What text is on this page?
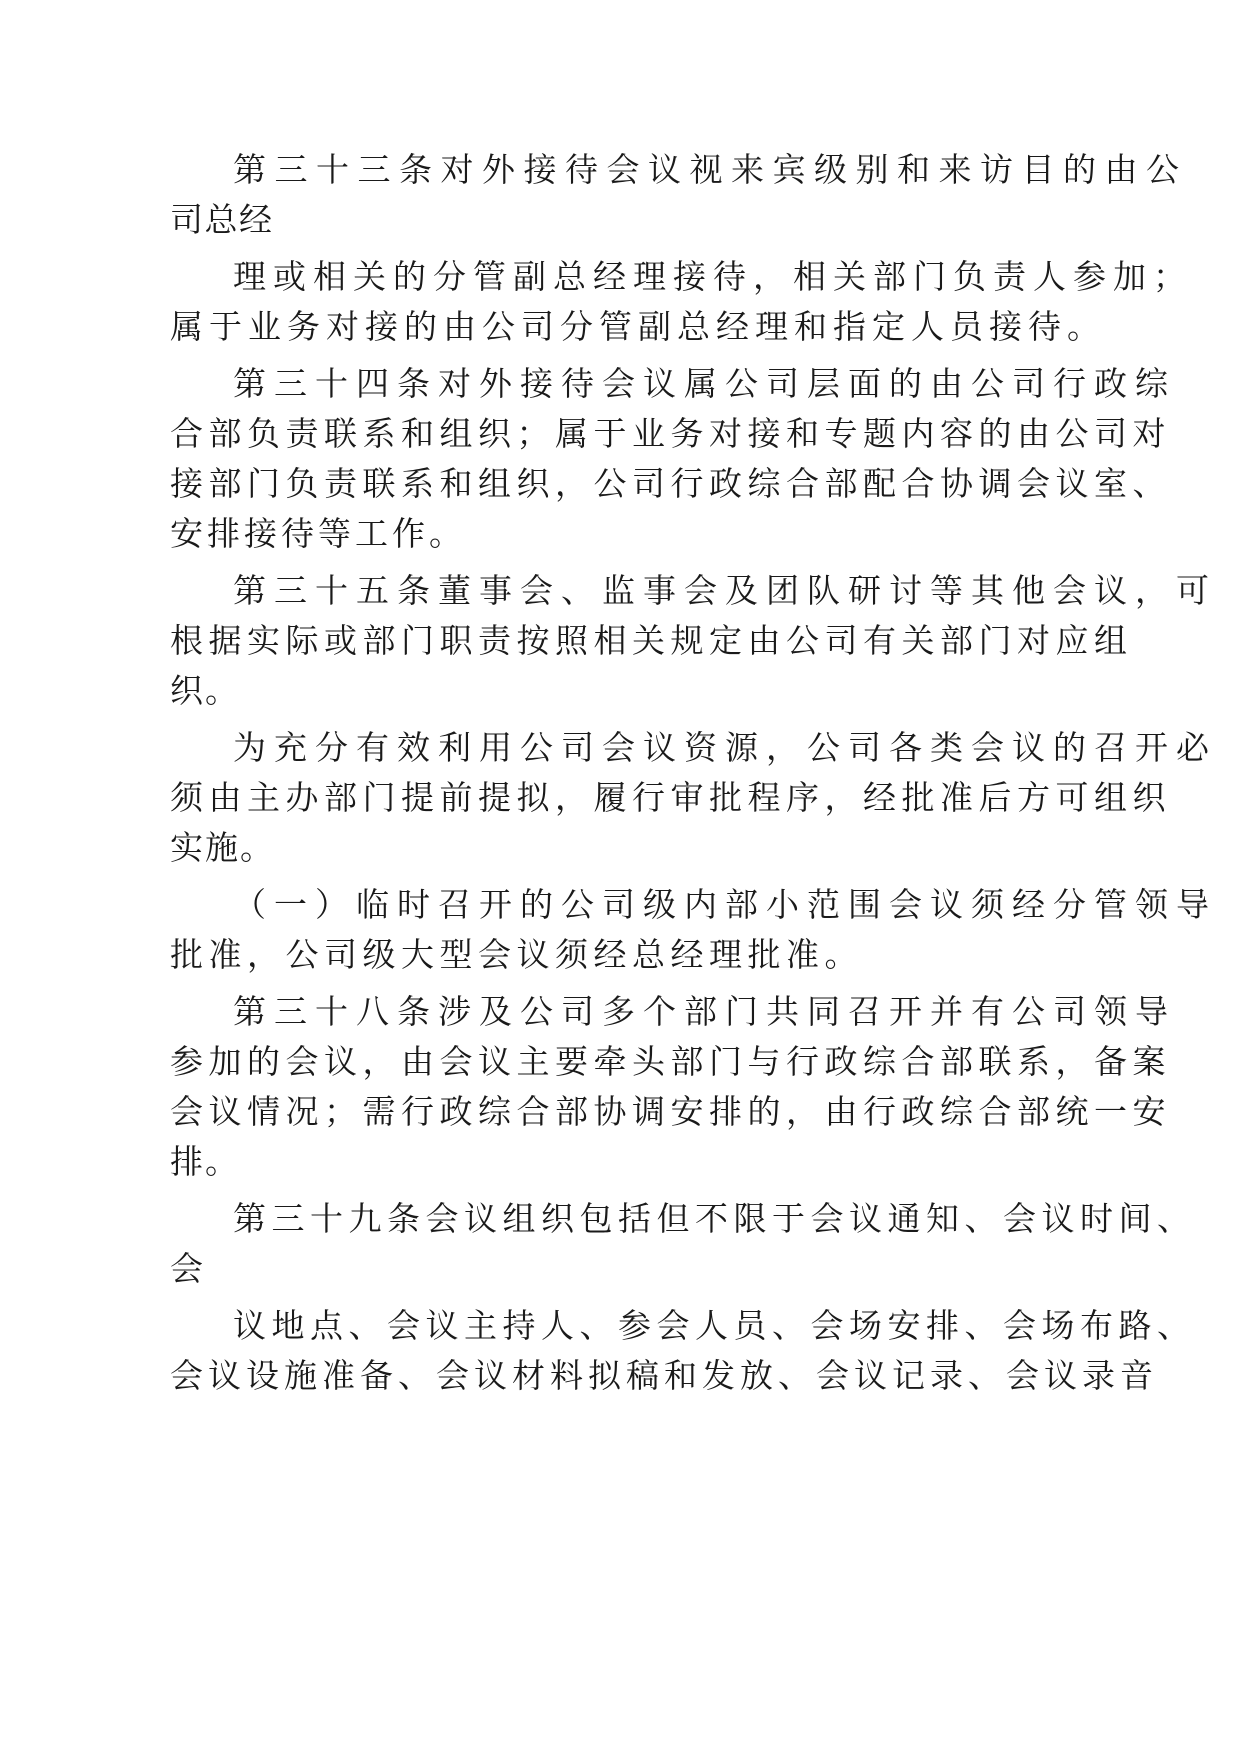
第三十三条对外接待会议视来宾级别和来访目的由公

司总经

理或相关的分管副总经理接待，相关部门负责人参加；

属于业务对接的由公司分管副总经理和指定人员接待。

第三十四条对外接待会议属公司层面的由公司行政综

合部负责联系和组织；属于业务对接和专题内容的由公司对

接部门负责联系和组织，公司行政综合部配合协调会议室、

安排接待等工作。

第三十五条董事会、监事会及团队研讨等其他会议，可

根据实际或部门职责按照相关规定由公司有关部门对应组

织。

为充分有效利用公司会议资源，公司各类会议的召开必

须由主办部门提前提拟，履行审批程序，经批准后方可组织

实施。

（一）临时召开的公司级内部小范围会议须经分管领导

批准，公司级大型会议须经总经理批准。

第三十八条涉及公司多个部门共同召开并有公司领导

参加的会议，由会议主要牵头部门与行政综合部联系，备案

会议情况；需行政综合部协调安排的，由行政综合部统一安

排。

第三十九条会议组织包括但不限于会议通知、会议时间、

会

议地点、会议主持人、参会人员、会场安排、会场布路、

会议设施准备、会议材料拟稿和发放、会议记录、会议录音
